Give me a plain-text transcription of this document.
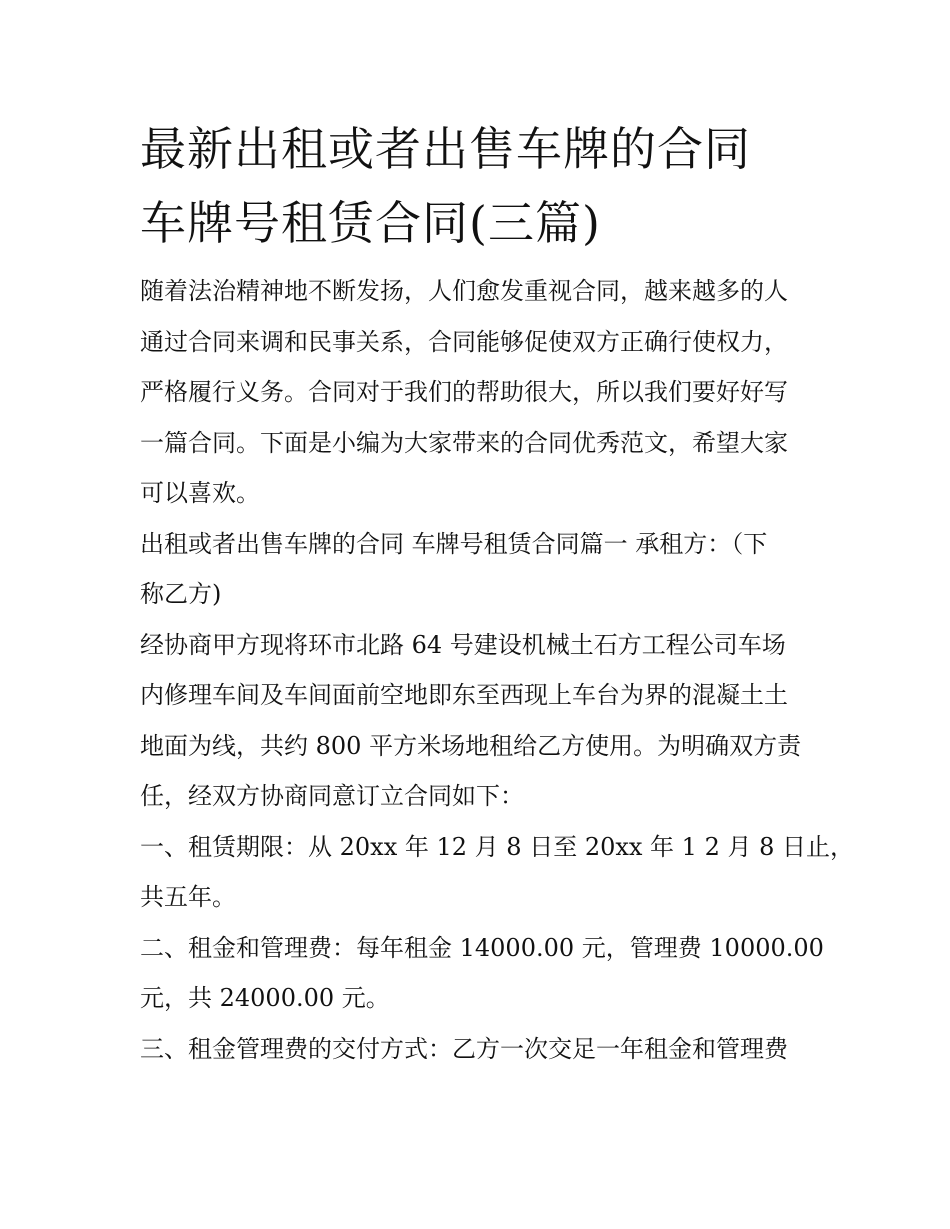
最新出租或者出售车牌的合同
车牌号租赁合同(三篇)

随着法治精神地不断发扬，人们愈发重视合同，越来越多的人
通过合同来调和民事关系，合同能够促使双方正确行使权力，
严格履行义务。合同对于我们的帮助很大，所以我们要好好写
一篇合同。下面是小编为大家带来的合同优秀范文，希望大家
可以喜欢。

出租或者出售车牌的合同 车牌号租赁合同篇一 承租方：（下
称乙方)

经协商甲方现将环市北路 64 号建设机械土石方工程公司车场
内修理车间及车间面前空地即东至西现上车台为界的混凝土土
地面为线，共约 800 平方米场地租给乙方使用。为明确双方责
任，经双方协商同意订立合同如下：

一、租赁期限：从 20xx 年 12 月 8 日至 20xx 年 1 2 月 8 日止，
共五年。

二、租金和管理费：每年租金 14000.00 元，管理费 10000.00
元，共 24000.00 元。

三、租金管理费的交付方式：乙方一次交足一年租金和管理费
